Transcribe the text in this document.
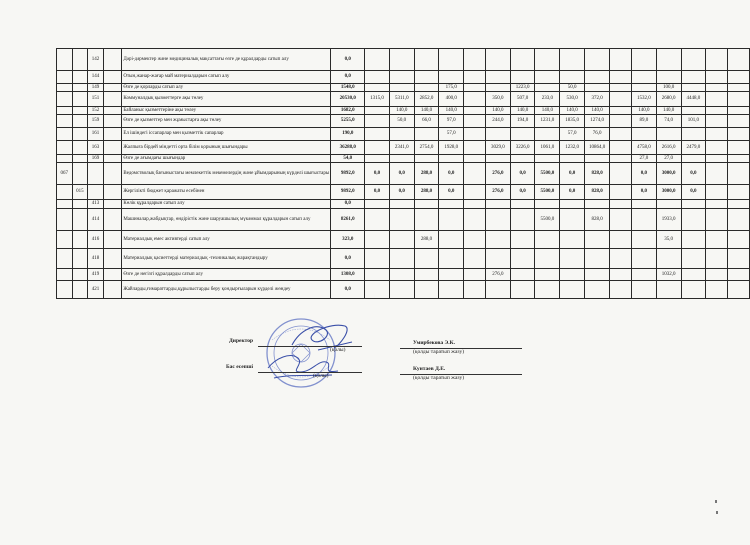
		142		Дәрі-дәрмектер және медициналық мақсаттағы өзге де құралдарды сатып алу	0,0																
		144		Отын,жанар-жағар май материалдарын сатып алу	0,0																
		149		Өзге де қорларды сатып алу	1548,0				175,0			1223,0		50,0				100,0			
		151		Коммуналдық қызметтерге ақы төлеу	20530,0	1315,0	5311,0	2852,0	400,0		350,0	507,0	233,0	530,0	372,0		1532,0	2680,0	4448,0		
		152		Байланыс қызметтеріне ақы төлеу	1682,0		140,0	140,0	140,0		140,0	140,0	140,0	140,0	140,0		140,0	140,0			
		159		Өзге де қызметтер мен жұмыстарға ақы төлеу	5255,0		50,0	66,0	97,0		244,0	194,0	1231,0	1835,0	1274,0		89,0	74,0	101,0		
		161		Ел ішіндегі іссапарлар мен қызметтік сапарлар	190,0				57,0					57,0	76,0						
		163		Жалпыға бірдей міндетті орта білім қорының шығындары	36288,0		2341,0	2754,0	1928,0		3029,0	3226,0	1061,0	1232,0	10864,0		4758,0	2616,0	2479,0		
		169		Өзге де ағымдағы шығындар	54,0												27,0	27,0			
067				Ведомстволық бағыныстағы мемлекеттік мекемелердің және ұйымдарының күрделі шығыстары	9892,0	0,0	0,0	288,0	0,0		276,0	0,0	5500,0	0,0	828,0		0,0	3000,0	0,0		
	015			Жергілікті бюджет қаражаты есебінен	9892,0	0,0	0,0	288,0	0,0		276,0	0,0	5500,0	0,0	828,0		0,0	3000,0	0,0		
		413		Көлік құралдарын сатып алу	0,0																
		414		Машиналар,жабдықтар, өндірістік және шаруашылық мүкәммал құралдарын сатып алу	8261,0								5500,0		828,0			1933,0			
		416		Материалдық емес активтерді сатып алу	323,0			288,0										35,0			
		418		Материалдық қасиеттерді материалдық -техникалық жарақтандыру	0,0																
		419		Өзге де негізгі құралдарды сатып алу	1308,0						276,0							1032,0			
		421		Жайларды,ғимараттарды,құрылыстарды беру қондырғыларын күрделі жөндеу	0,0																
Директор
(қолы)
Умирбекова Э.К.
(қолды таратып жазу)
Бас есепші
(қолы)
Кунтаев Д.Е.
(қолды таратып жазу)
